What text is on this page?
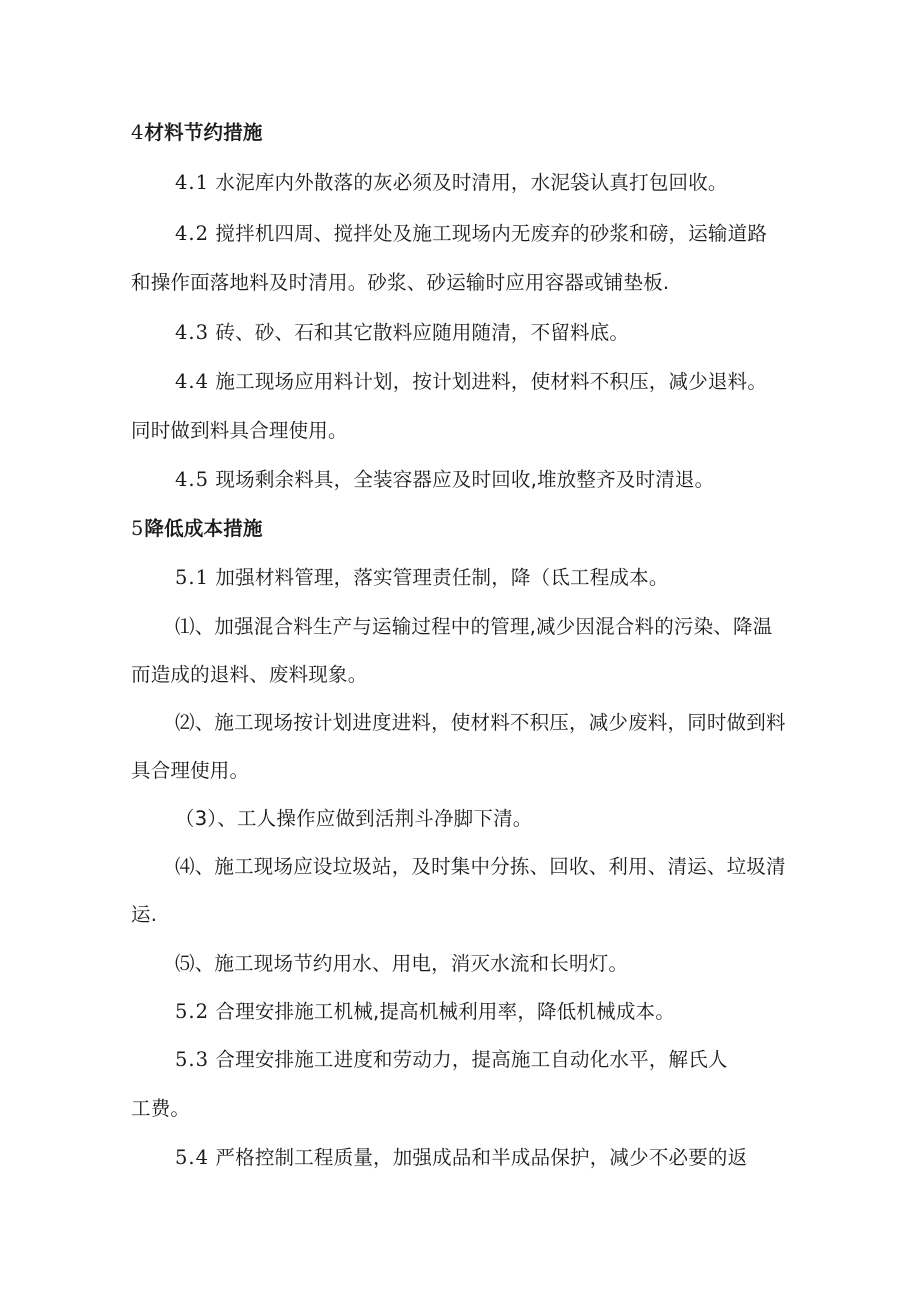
4材料节约措施
4.1 水泥库内外散落的灰必须及时清用，水泥袋认真打包回收。
4.2 搅拌机四周、搅拌处及施工现场内无废弃的砂浆和磅，运输道路
和操作面落地料及时清用。砂浆、砂运输时应用容器或铺垫板.
4.3 砖、砂、石和其它散料应随用随清，不留料底。
4.4 施工现场应用料计划，按计划进料，使材料不积压，减少退料。
同时做到料具合理使用。
4.5 现场剩余料具，全装容器应及时回收,堆放整齐及时清退。
5降低成本措施
5.1 加强材料管理，落实管理责任制，降（氐工程成本。
⑴、加强混合料生产与运输过程中的管理,减少因混合料的污染、降温
而造成的退料、废料现象。
⑵、施工现场按计划进度进料，使材料不积压，减少废料，同时做到料
具合理使用。
（3）、工人操作应做到活荆斗净脚下清。
⑷、施工现场应设垃圾站，及时集中分拣、回收、利用、清运、垃圾清
运.
⑸、施工现场节约用水、用电，消灭水流和长明灯。
5.2 合理安排施工机械,提高机械利用率，降低机械成本。
5.3 合理安排施工进度和劳动力，提高施工自动化水平，解氏人
工费。
5.4 严格控制工程质量，加强成品和半成品保护，减少不必要的返
